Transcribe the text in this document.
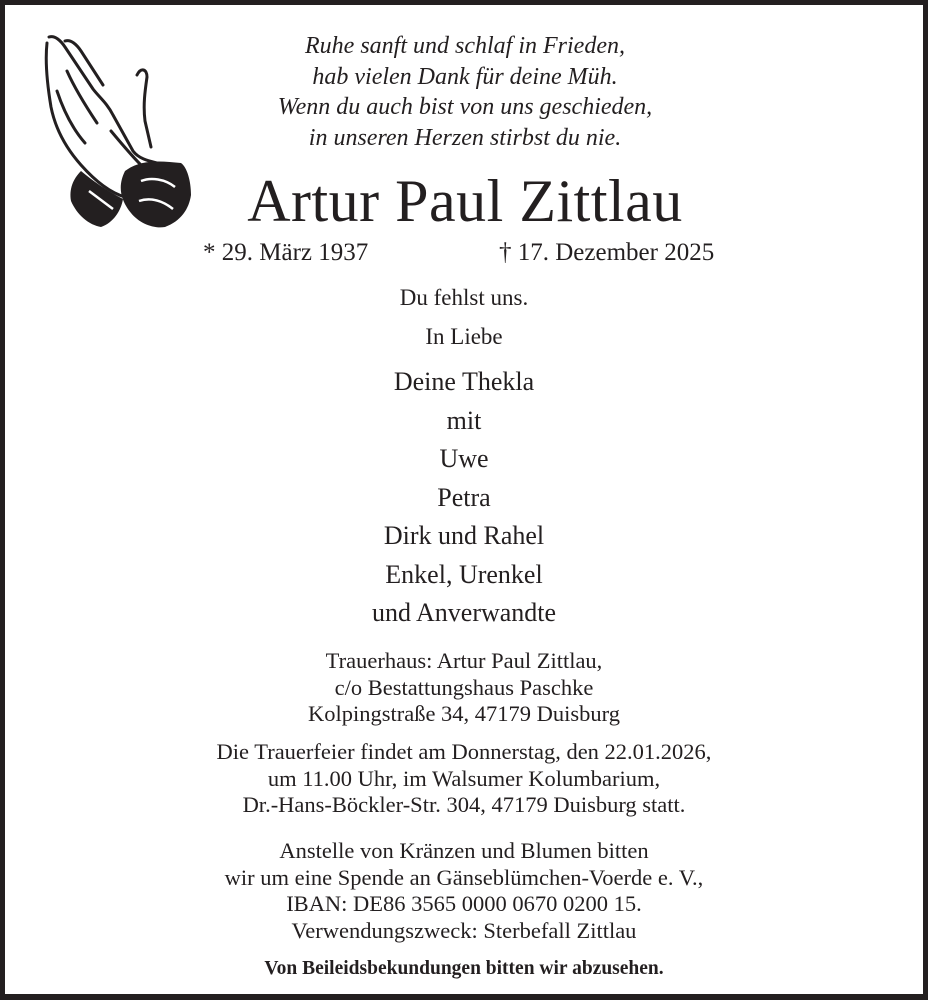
Ruhe sanft und schlaf in Frieden,
hab vielen Dank für deine Müh.
Wenn du auch bist von uns geschieden,
in unseren Herzen stirbst du nie.
Artur Paul Zittlau
* 29. März 1937	† 17. Dezember 2025
Du fehlst uns.
In Liebe
Deine Thekla
mit
Uwe
Petra
Dirk und Rahel
Enkel, Urenkel
und Anverwandte
Trauerhaus: Artur Paul Zittlau,
c/o Bestattungshaus Paschke
Kolpingstraße 34, 47179 Duisburg
Die Trauerfeier findet am Donnerstag, den 22.01.2026,
um 11.00 Uhr, im Walsumer Kolumbarium,
Dr.-Hans-Böckler-Str. 304, 47179 Duisburg statt.
Anstelle von Kränzen und Blumen bitten
wir um eine Spende an Gänseblümchen-Voerde e. V.,
IBAN: DE86 3565 0000 0670 0200 15.
Verwendungszweck: Sterbefall Zittlau
Von Beileidsbekundungen bitten wir abzusehen.
